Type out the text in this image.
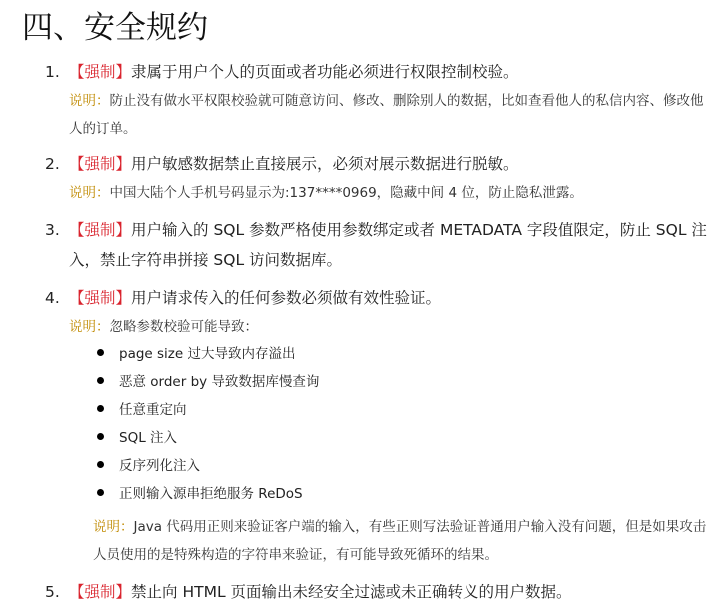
四、安全规约
1. 【强制】隶属于用户个人的页面或者功能必须进行权限控制校验。
说明：防止没有做水平权限校验就可随意访问、修改、删除别人的数据，比如查看他人的私信内容、修改他人的订单。
2. 【强制】用户敏感数据禁止直接展示，必须对展示数据进行脱敏。
说明：中国大陆个人手机号码显示为:137****0969，隐藏中间 4 位，防止隐私泄露。
3. 【强制】用户输入的 SQL 参数严格使用参数绑定或者 METADATA 字段值限定，防止 SQL 注入，禁止字符串拼接 SQL 访问数据库。
4. 【强制】用户请求传入的任何参数必须做有效性验证。
说明：忽略参数校验可能导致：
page size 过大导致内存溢出
恶意 order by 导致数据库慢查询
任意重定向
SQL 注入
反序列化注入
正则输入源串拒绝服务 ReDoS
说明：Java 代码用正则来验证客户端的输入，有些正则写法验证普通用户输入没有问题，但是如果攻击人员使用的是特殊构造的字符串来验证，有可能导致死循环的结果。
5. 【强制】禁止向 HTML 页面输出未经安全过滤或未正确转义的用户数据。
